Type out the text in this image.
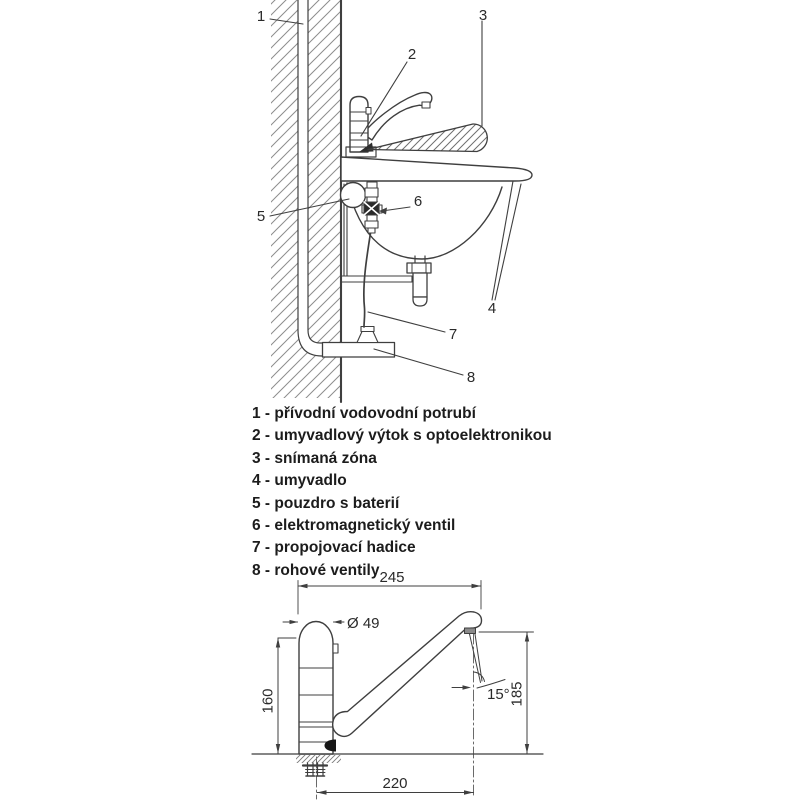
1
2
3
4
5
6
7
8
245
Ø 49
160	185
15°
220
1 - přívodní vodovodní potrubí
2 - umyvadlový výtok s optoelektronikou
3 - snímaná zóna
4 - umyvadlo
5 - pouzdro s baterií
6 - elektromagnetický ventil
7 - propojovací hadice
8 - rohové ventily
